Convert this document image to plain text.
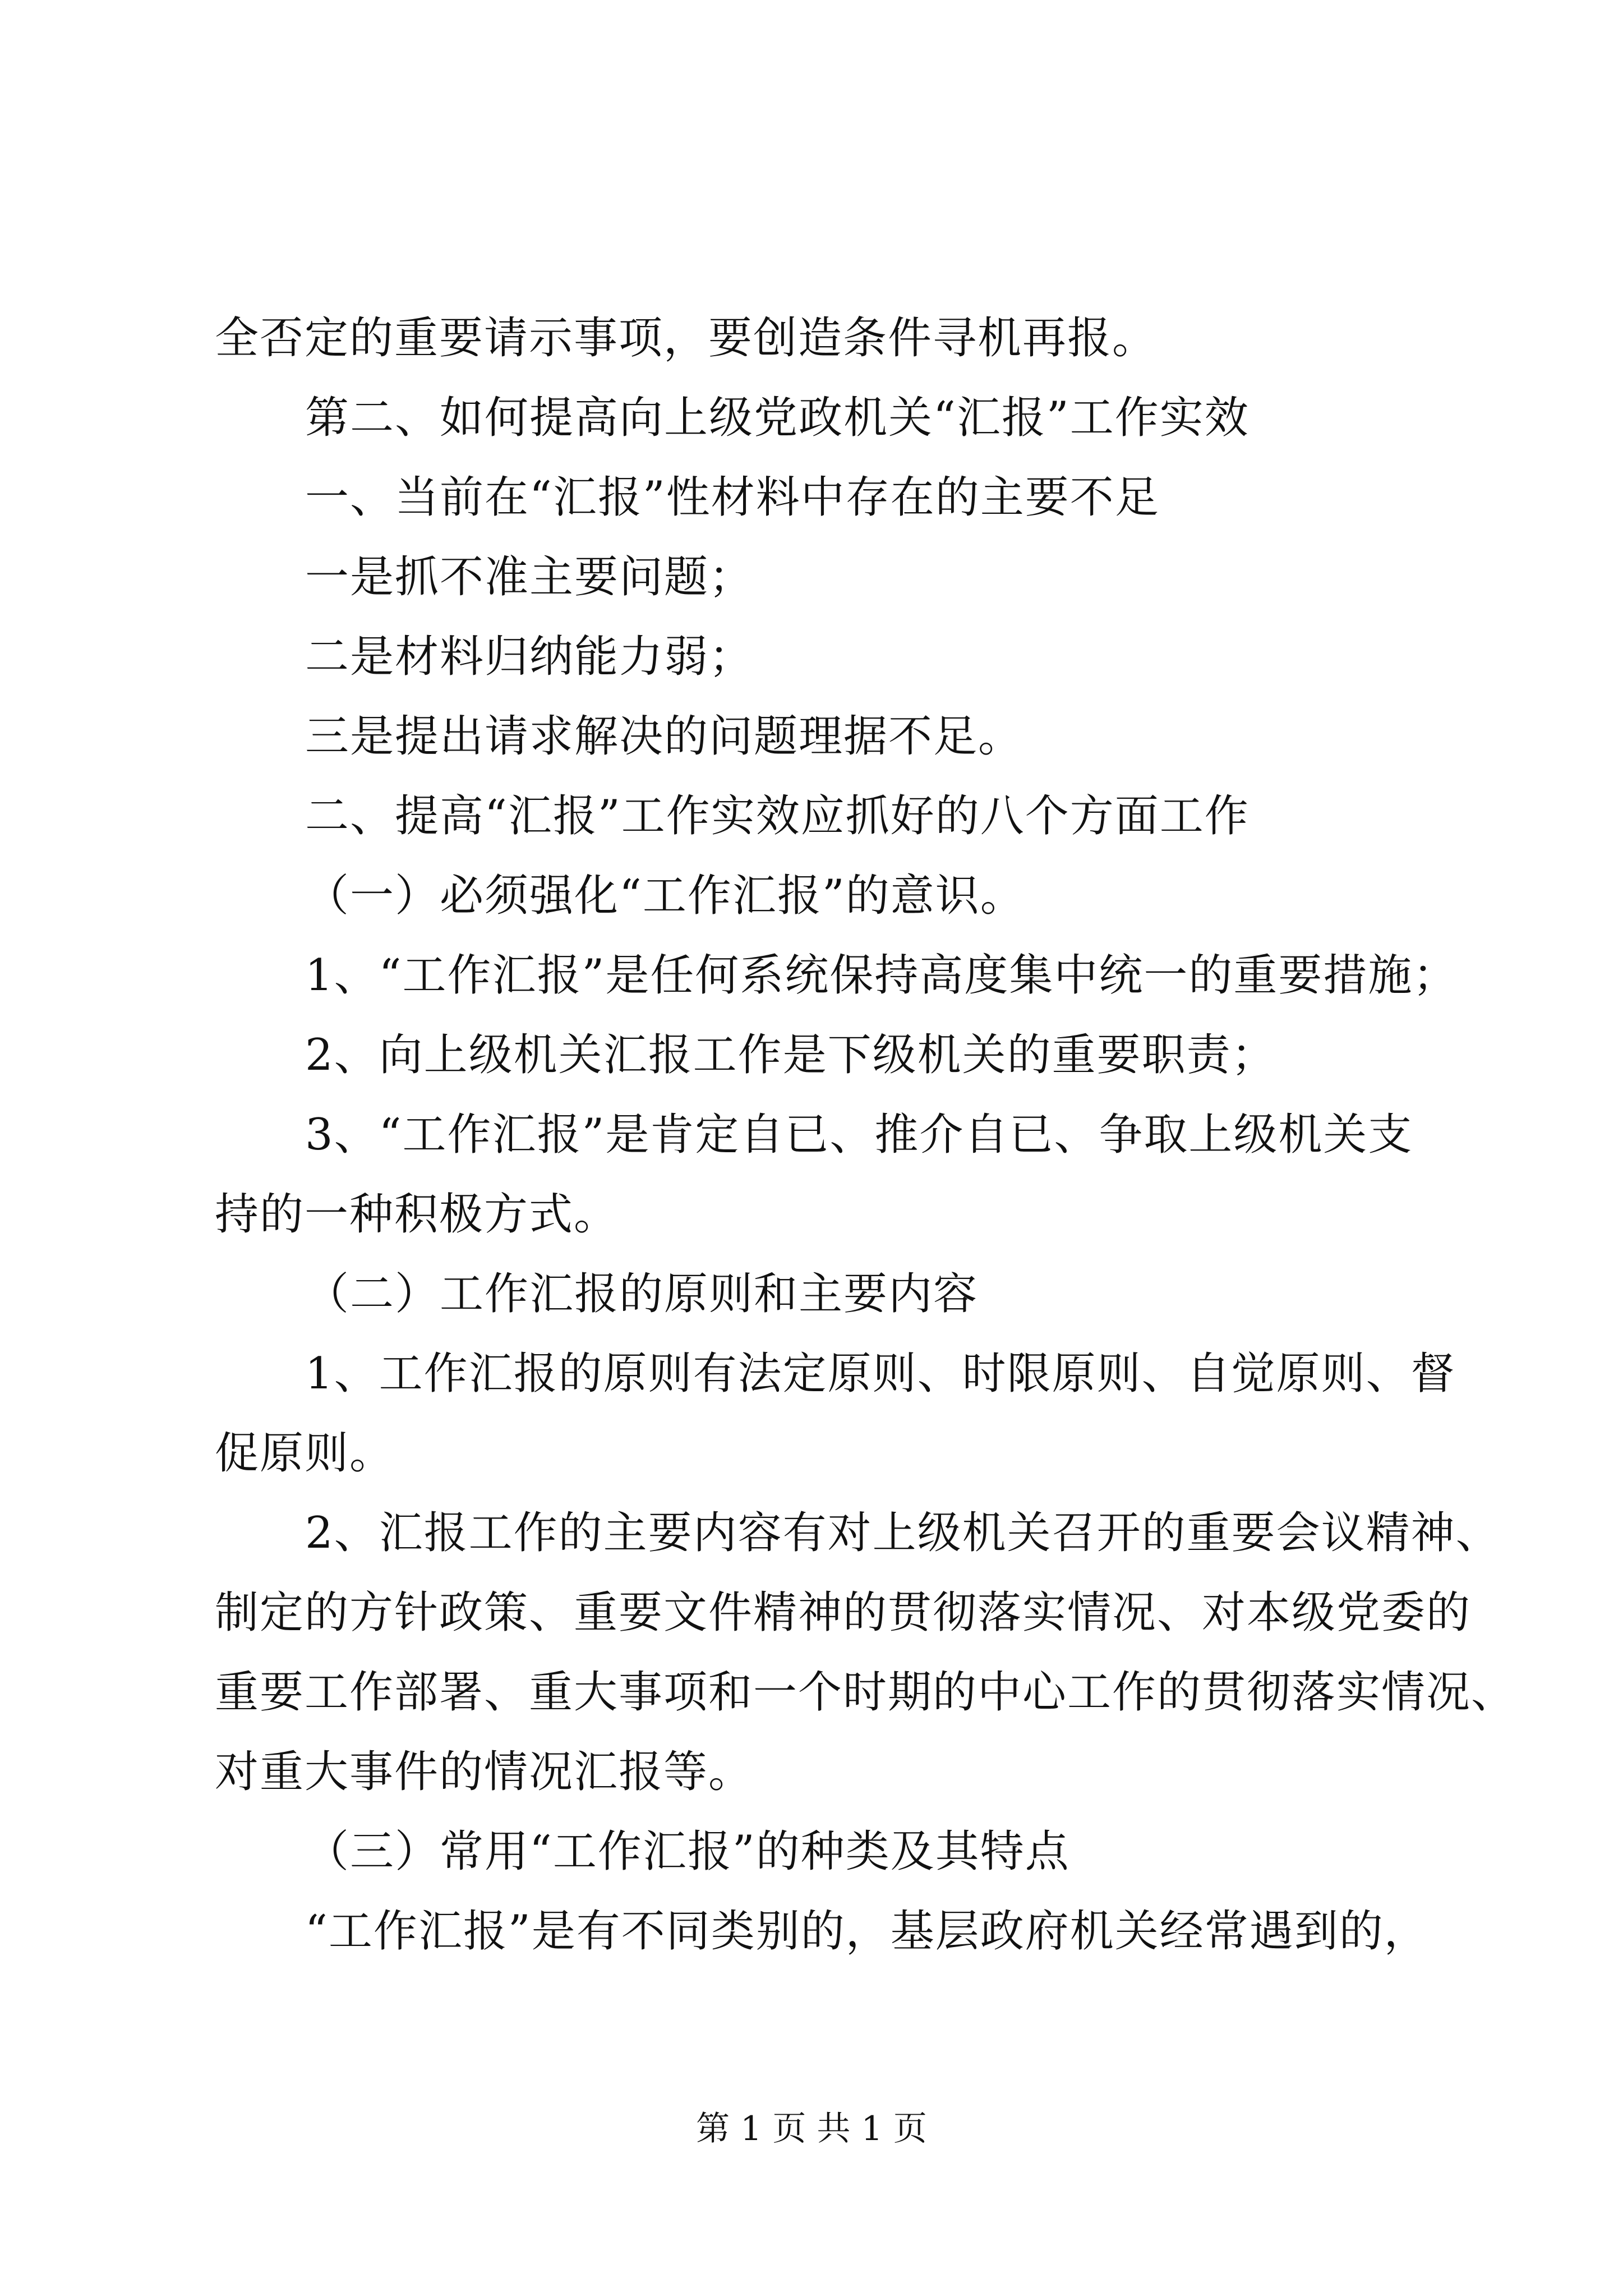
全否定的重要请示事项，要创造条件寻机再报。
第二、如何提高向上级党政机关“汇报”工作实效
一、当前在“汇报”性材料中存在的主要不足
一是抓不准主要问题；
二是材料归纳能力弱；
三是提出请求解决的问题理据不足。
二、提高“汇报”工作实效应抓好的八个方面工作
（一）必须强化“工作汇报”的意识。
1、“工作汇报”是任何系统保持高度集中统一的重要措施；
2、向上级机关汇报工作是下级机关的重要职责；
3、“工作汇报”是肯定自已、推介自已、争取上级机关支
持的一种积极方式。
（二）工作汇报的原则和主要内容
1、工作汇报的原则有法定原则、时限原则、自觉原则、督
促原则。
2、汇报工作的主要内容有对上级机关召开的重要会议精神、
制定的方针政策、重要文件精神的贯彻落实情况、对本级党委的
重要工作部署、重大事项和一个时期的中心工作的贯彻落实情况、
对重大事件的情况汇报等。
（三）常用“工作汇报”的种类及其特点
“工作汇报”是有不同类别的，基层政府机关经常遇到的，
第 1 页 共 1 页
